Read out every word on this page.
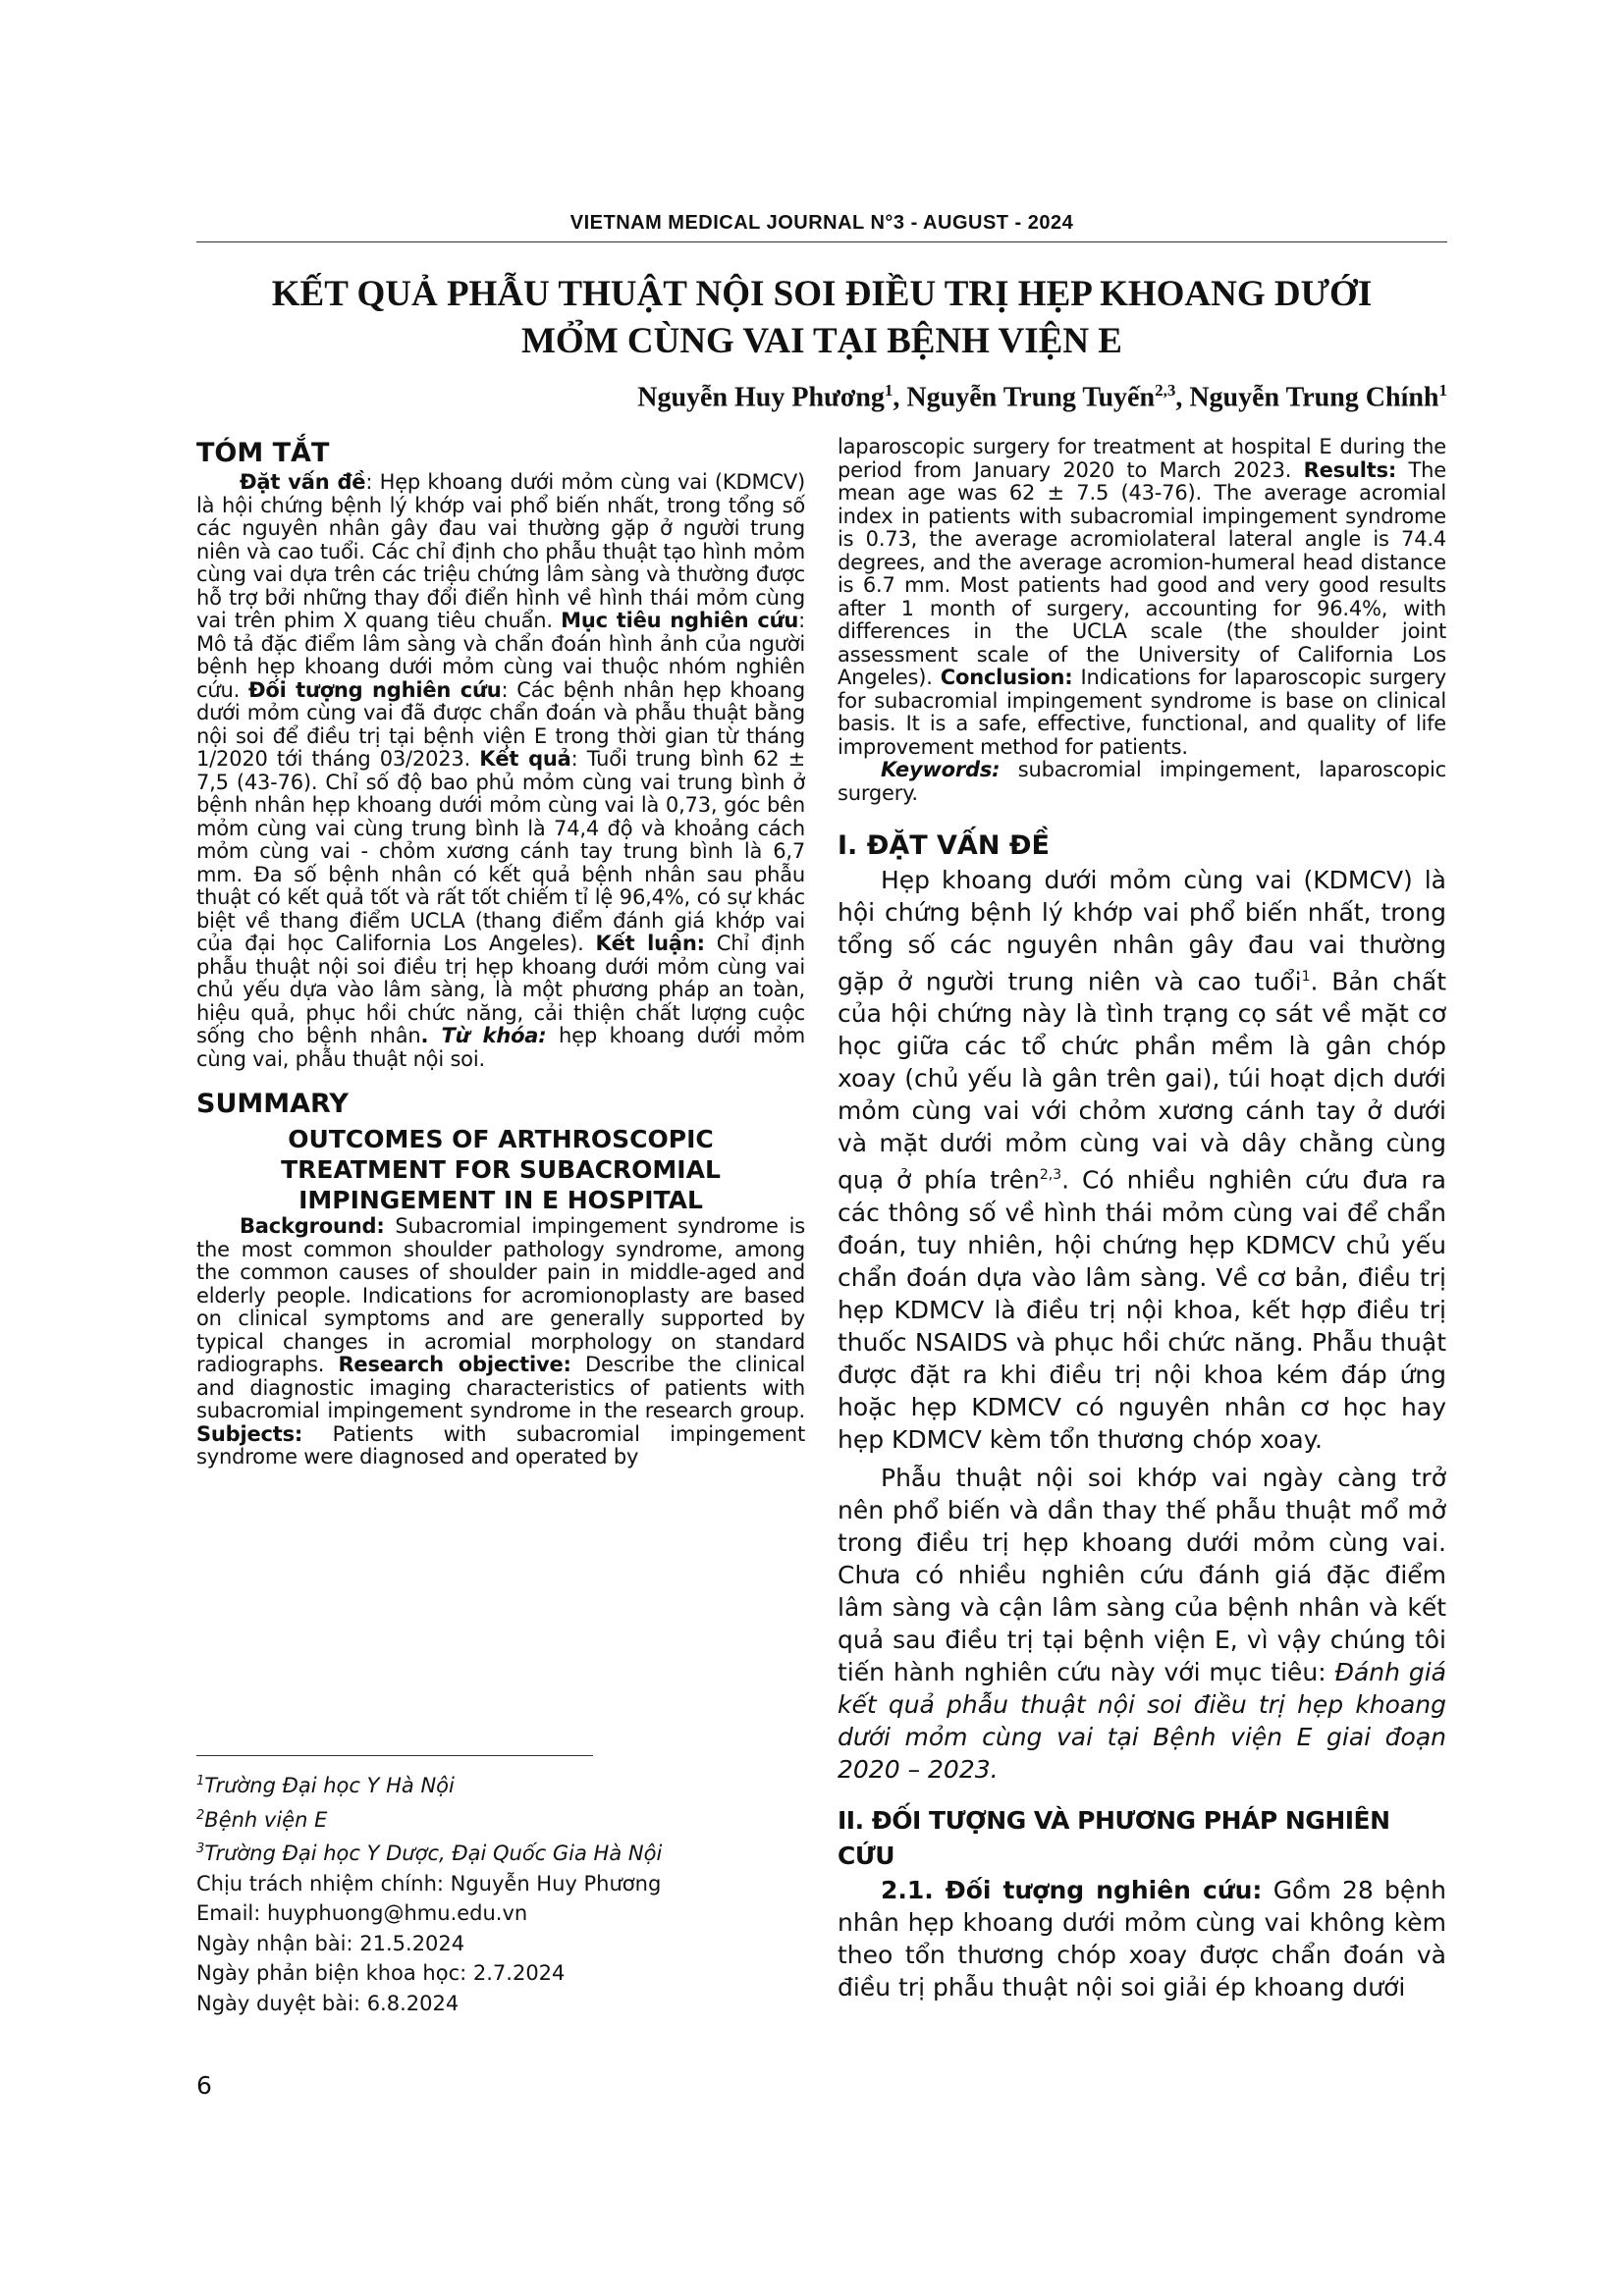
VIETNAM MEDICAL JOURNAL N°3 - AUGUST - 2024
KẾT QUẢ PHẪU THUẬT NỘI SOI ĐIỀU TRỊ HẸP KHOANG DƯỚI
MỎ̉M CÙNG VAI TẠI BỆNH VIỆN E
Nguyễn Huy Phương$^1$, Nguyễn Trung Tuyến$^{2,3}$, Nguyễn Trung Chính$^1$
TÓM TẮT

Đặt vấn đề: Hẹp khoang dưới mỏm cùng vai (KDMCV) là hội chứng bệnh lý khớp vai phổ biến nhất, trong tổng số các nguyên nhân gây đau vai thường gặp ở người trung niên và cao tuổi. Các chỉ định cho phẫu thuật tạo hình mỏm cùng vai dựa trên các triệu chứng lâm sàng và thường được hỗ trợ bởi những thay đổi điển hình về hình thái mỏm cùng vai trên phim X quang tiêu chuẩn. Mục tiêu nghiên cứu: Mô tả đặc điểm lâm sàng và chẩn đoán hình ảnh của người bệnh hẹp khoang dưới mỏm cùng vai thuộc nhóm nghiên cứu. Đối tượng nghiên cứu: Các bệnh nhân hẹp khoang dưới mỏm cùng vai đã được chẩn đoán và phẫu thuật bằng nội soi để điều trị tại bệnh viện E trong thời gian từ tháng 1/2020 tới tháng 03/2023. Kết quả: Tuổi trung bình 62 ± 7,5 (43-76). Chỉ số độ bao phủ mỏm cùng vai trung bình ở bệnh nhân hẹp khoang dưới mỏm cùng vai là 0,73, góc bên mỏm cùng vai cùng trung bình là 74,4 độ và khoảng cách mỏm cùng vai - chỏm xương cánh tay trung bình là 6,7 mm. Đa số bệnh nhân có kết quả bệnh nhân sau phẫu thuật có kết quả tốt và rất tốt chiếm tỉ lệ 96,4%, có sự khác biệt về thang điểm UCLA (thang điểm đánh giá khớp vai của đại học California Los Angeles). Kết luận: Chỉ định phẫu thuật nội soi điều trị hẹp khoang dưới mỏm cùng vai chủ yếu dựa vào lâm sàng, là một phương pháp an toàn, hiệu quả, phục hồi chức năng, cải thiện chất lượng cuộc sống cho bệnh nhân. Từ khóa: hẹp khoang dưới mỏm cùng vai, phẫu thuật nội soi.

SUMMARY
OUTCOMES OF ARTHROSCOPIC TREATMENT FOR SUBACROMIAL IMPINGEMENT IN E HOSPITAL

Background: Subacromial impingement syndrome is the most common shoulder pathology syndrome, among the common causes of shoulder pain in middle-aged and elderly people. Indications for acromionoplasty are based on clinical symptoms and are generally supported by typical changes in acromial morphology on standard radiographs. Research objective: Describe the clinical and diagnostic imaging characteristics of patients with subacromial impingement syndrome in the research group. Subjects: Patients with subacromial impingement syndrome were diagnosed and operated by

$^1$Trường Đại học Y Hà Nội
$^2$Bệnh viện E
$^3$Trường Đại học Y Dược, Đại Quốc Gia Hà Nội
Chịu trách nhiệm chính: Nguyễn Huy Phương
Email: huyphuong@hmu.edu.vn
Ngày nhận bài: 21.5.2024
Ngày phản biện khoa học: 2.7.2024
Ngày duyệt bài: 6.8.2024

laparoscopic surgery for treatment at hospital E during the period from January 2020 to March 2023. Results: The mean age was 62 ± 7.5 (43-76). The average acromial index in patients with subacromial impingement syndrome is 0.73, the average acromiolateral lateral angle is 74.4 degrees, and the average acromion-humeral head distance is 6.7 mm. Most patients had good and very good results after 1 month of surgery, accounting for 96.4%, with differences in the UCLA scale (the shoulder joint assessment scale of the University of California Los Angeles). Conclusion: Indications for laparoscopic surgery for subacromial impingement syndrome is base on clinical basis. It is a safe, effective, functional, and quality of life improvement method for patients.

Keywords: subacromial impingement, laparoscopic surgery.

I. ĐẶT VẤN ĐỀ

Hẹp khoang dưới mỏm cùng vai (KDMCV) là hội chứng bệnh lý khớp vai phổ biến nhất, trong tổng số các nguyên nhân gây đau vai thường gặp ở người trung niên và cao tuổi$^1$. Bản chất của hội chứng này là tình trạng cọ sát về mặt cơ học giữa các tổ chức phần mềm là gân chóp xoay (chủ yếu là gân trên gai), túi hoạt dịch dưới mỏm cùng vai với chỏm xương cánh tay ở dưới và mặt dưới mỏm cùng vai và dây chằng cùng quạ ở phía trên$^{2,3}$. Có nhiều nghiên cứu đưa ra các thông số về hình thái mỏm cùng vai để chẩn đoán, tuy nhiên, hội chứng hẹp KDMCV chủ yếu chẩn đoán dựa vào lâm sàng. Về cơ bản, điều trị hẹp KDMCV là điều trị nội khoa, kết hợp điều trị thuốc NSAIDS và phục hồi chức năng. Phẫu thuật được đặt ra khi điều trị nội khoa kém đáp ứng hoặc hẹp KDMCV có nguyên nhân cơ học hay hẹp KDMCV kèm tổn thương chóp xoay.

Phẫu thuật nội soi khớp vai ngày càng trở nên phổ biến và dần thay thế phẫu thuật mổ mở trong điều trị hẹp khoang dưới mỏm cùng vai. Chưa có nhiều nghiên cứu đánh giá đặc điểm lâm sàng và cận lâm sàng của bệnh nhân và kết quả sau điều trị tại bệnh viện E, vì vậy chúng tôi tiến hành nghiên cứu này với mục tiêu: Đánh giá kết quả phẫu thuật nội soi điều trị hẹp khoang dưới mỏm cùng vai tại Bệnh viện E giai đoạn 2020 – 2023.

II. ĐỐI TƯỢNG VÀ PHƯƠNG PHÁP NGHIÊN CỨU

2.1. Đối tượng nghiên cứu: Gồm 28 bệnh nhân hẹp khoang dưới mỏm cùng vai không kèm theo tổn thương chóp xoay được chẩn đoán và điều trị phẫu thuật nội soi giải ép khoang dưới

6
